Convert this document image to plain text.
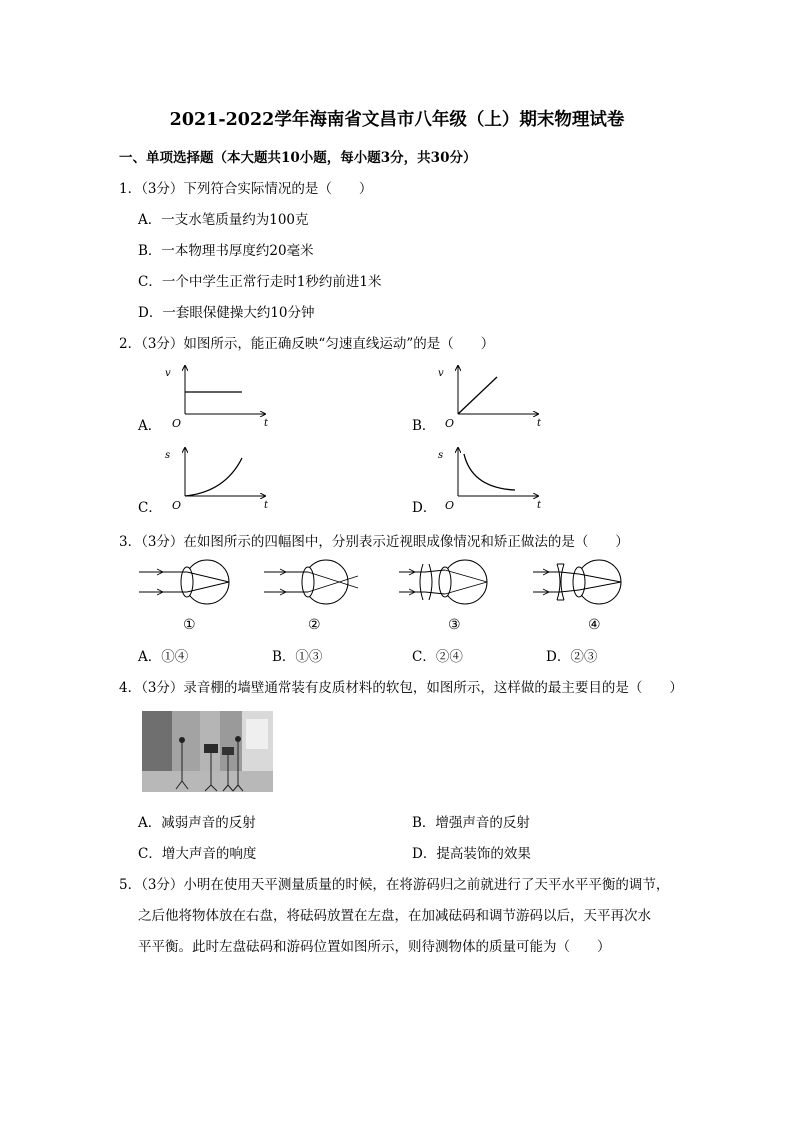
2021-2022学年海南省文昌市八年级（上）期末物理试卷
一、单项选择题（本大题共10小题，每小题3分，共30分）
1．（3分）下列符合实际情况的是（　　）
A．一支水笔质量约为100克
B．一本物理书厚度约20毫米
C．一个中学生正常行走时1秒约前进1米
D．一套眼保健操大约10分钟
2．（3分）如图所示，能正确反映“匀速直线运动”的是（　　）
A．	B．
C．	D．
v
t
O
v
t
O
s
t
O
s
t
O
3．（3分）在如图所示的四幅图中，分别表示近视眼成像情况和矫正做法的是（　　）
①	②	③	④
A．①④	B．①③	C．②④	D．②③
4．（3分）录音棚的墙壁通常装有皮质材料的软包，如图所示，这样做的最主要目的是（　　）
A．减弱声音的反射	B．增强声音的反射
C．增大声音的响度	D．提高装饰的效果
5．（3分）小明在使用天平测量质量的时候，在将游码归之前就进行了天平水平平衡的调节，
之后他将物体放在右盘，将砝码放置在左盘，在加减砝码和调节游码以后，天平再次水
平平衡。此时左盘砝码和游码位置如图所示，则待测物体的质量可能为（　　）
